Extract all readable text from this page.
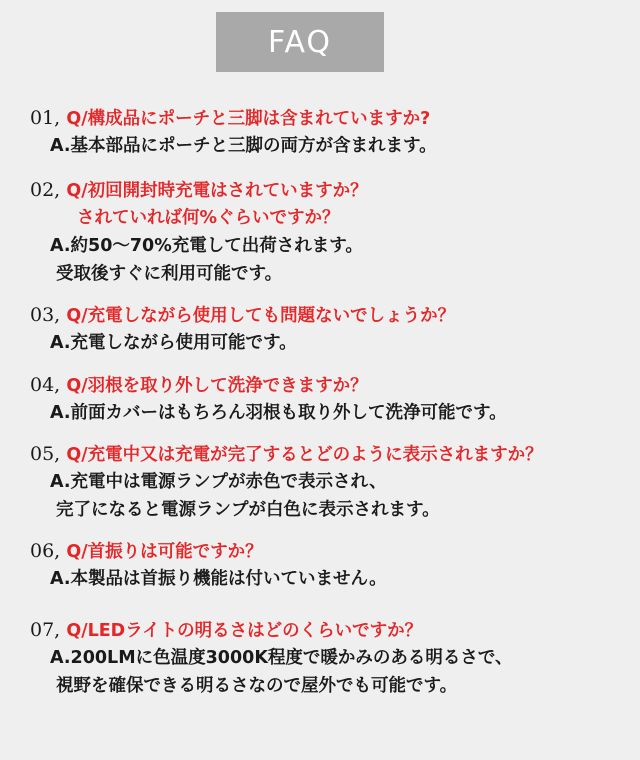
FAQ
01, Q/構成品にポーチと三脚は含まれていますか?
A.基本部品にポーチと三脚の両方が含まれます。
02, Q/初回開封時充電はされていますか？
されていれば何%ぐらいですか？
A.約50～70%充電して出荷されます。
受取後すぐに利用可能です。
03, Q/充電しながら使用しても問題ないでしょうか？
A.充電しながら使用可能です。
04, Q/羽根を取り外して洗浄できますか？
A.前面カバーはもちろん羽根も取り外して洗浄可能です。
05, Q/充電中又は充電が完了するとどのように表示されますか？
A.充電中は電源ランプが赤色で表示され、
完了になると電源ランプが白色に表示されます。
06, Q/首振りは可能ですか？
A.本製品は首振り機能は付いていません。
07, Q/LEDライトの明るさはどのくらいですか？
A.200LMに色温度3000K程度で暖かみのある明るさで、
視野を確保できる明るさなので屋外でも可能です。
